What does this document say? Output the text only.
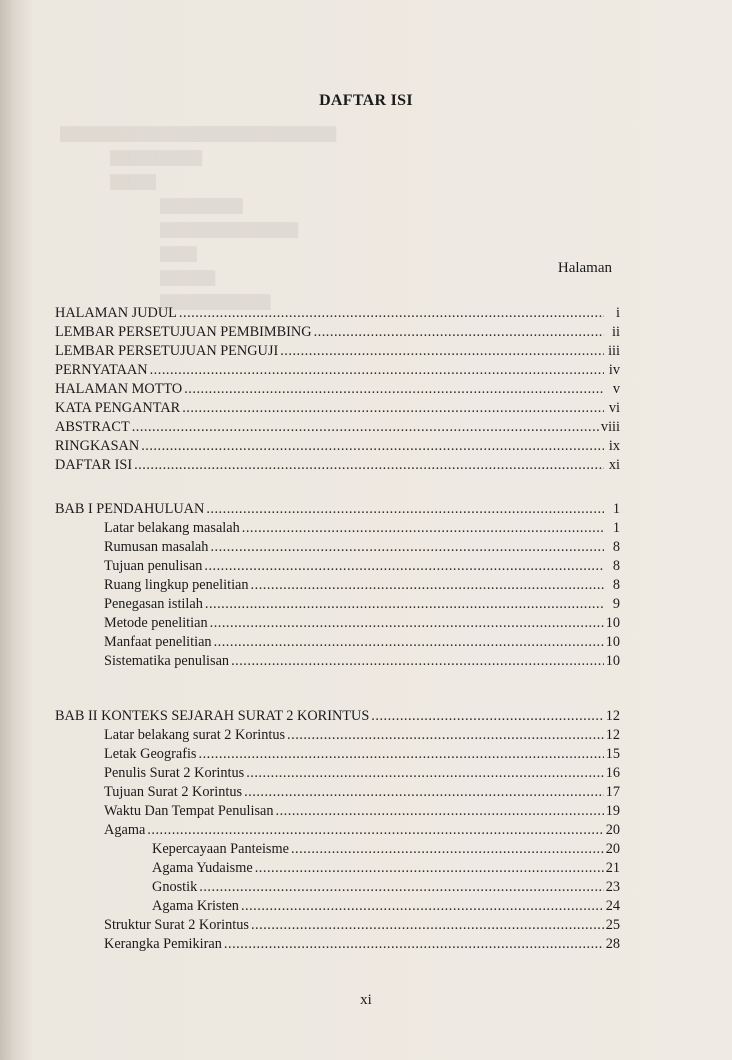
██████████████████████████████
██████████
█████
█████████
███████████████
████
██████
████████████
DAFTAR ISI
Halaman
HALAMAN JUDUL .....	i
LEMBAR PERSETUJUAN PEMBIMBING .....	ii
LEMBAR PERSETUJUAN PENGUJI .....	iii
PERNYATAAN .....	iv
HALAMAN MOTTO .....	v
KATA PENGANTAR .....	vi
ABSTRACT .....	viii
RINGKASAN .....	ix
DAFTAR ISI .....	xi
BAB I PENDAHULUAN .....	1
Latar belakang masalah .....	1
Rumusan masalah .....	8
Tujuan penulisan .....	8
Ruang lingkup penelitian .....	8
Penegasan istilah .....	9
Metode penelitian .....	10
Manfaat penelitian .....	10
Sistematika penulisan .....	10
BAB II KONTEKS SEJARAH SURAT 2 KORINTUS .....	12
Latar belakang surat 2 Korintus .....	12
Letak Geografis .....	15
Penulis Surat 2 Korintus .....	16
Tujuan Surat 2 Korintus .....	17
Waktu Dan Tempat Penulisan .....	19
Agama .....	20
Kepercayaan Panteisme .....	20
Agama Yudaisme .....	21
Gnostik .....	23
Agama Kristen .....	24
Struktur Surat 2 Korintus .....	25
Kerangka Pemikiran .....	28
xi
